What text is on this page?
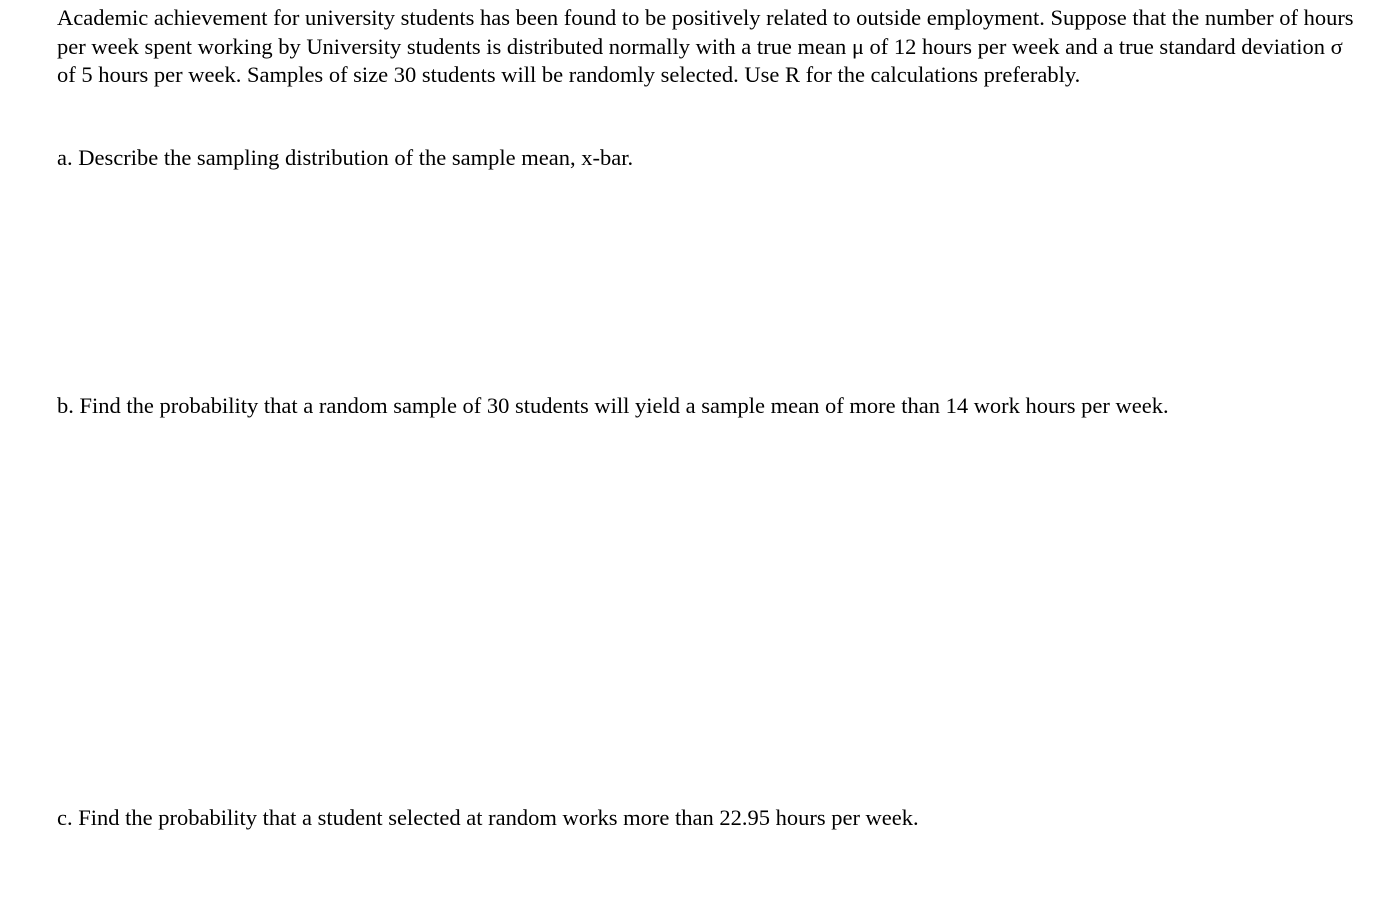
Academic achievement for university students has been found to be positively related to outside employment. Suppose that the number of hours per week spent working by University students is distributed normally with a true mean μ of 12 hours per week and a true standard deviation σ of 5 hours per week. Samples of size 30 students will be randomly selected. Use R for the calculations preferably.

a. Describe the sampling distribution of the sample mean, x-bar.

b. Find the probability that a random sample of 30 students will yield a sample mean of more than 14 work hours per week.

c. Find the probability that a student selected at random works more than 22.95 hours per week.
